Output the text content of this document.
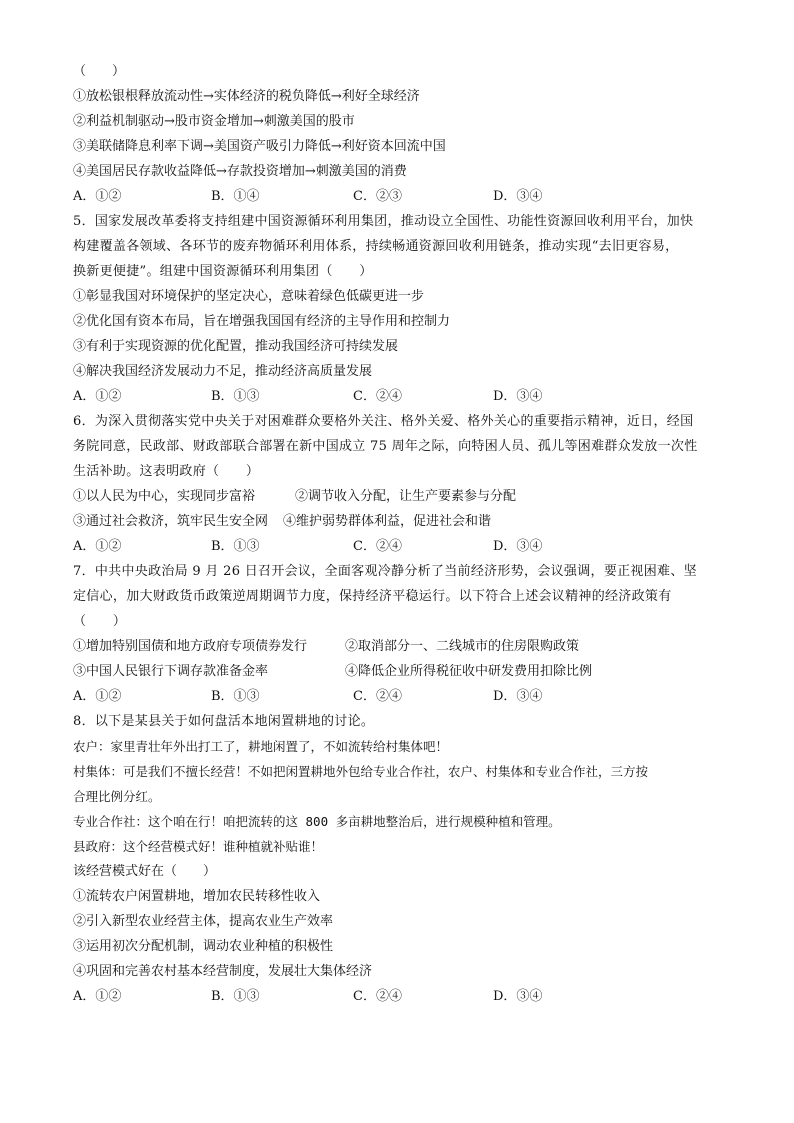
（　　）
①放松银根释放流动性→实体经济的税负降低→利好全球经济
②利益机制驱动→股市资金增加→刺激美国的股市
③美联储降息利率下调→美国资产吸引力降低→利好资本回流中国
④美国居民存款收益降低→存款投资增加→刺激美国的消费
A．①②	B．①④	C．②③	D．③④
5．国家发展改革委将支持组建中国资源循环利用集团，推动设立全国性、功能性资源回收利用平台，加快
构建覆盖各领域、各环节的废弃物循环利用体系，持续畅通资源回收利用链条，推动实现“去旧更容易，
换新更便捷”。组建中国资源循环利用集团（　　）
①彰显我国对环境保护的坚定决心，意味着绿色低碳更进一步
②优化国有资本布局，旨在增强我国国有经济的主导作用和控制力
③有利于实现资源的优化配置，推动我国经济可持续发展
④解决我国经济发展动力不足，推动经济高质量发展
A．①②	B．①③	C．②④	D．③④
6．为深入贯彻落实党中央关于对困难群众要格外关注、格外关爱、格外关心的重要指示精神，近日，经国
务院同意，民政部、财政部联合部署在新中国成立 75 周年之际，向特困人员、孤儿等困难群众发放一次性
生活补助。这表明政府（　　）
①以人民为中心，实现同步富裕	②调节收入分配，让生产要素参与分配
③通过社会救济，筑牢民生安全网 ④维护弱势群体利益，促进社会和谐
A．①②	B．①③	C．②④	D．③④
7．中共中央政治局 9 月 26 日召开会议，全面客观冷静分析了当前经济形势，会议强调，要正视困难、坚
定信心，加大财政货币政策逆周期调节力度，保持经济平稳运行。以下符合上述会议精神的经济政策有
（　　）
①增加特别国债和地方政府专项债券发行	②取消部分一、二线城市的住房限购政策
③中国人民银行下调存款准备金率	④降低企业所得税征收中研发费用扣除比例
A．①②	B．①③	C．②④	D．③④
8．以下是某县关于如何盘活本地闲置耕地的讨论。
农户：家里青壮年外出打工了，耕地闲置了，不如流转给村集体吧！
村集体：可是我们不擅长经营！不如把闲置耕地外包给专业合作社，农户、村集体和专业合作社，三方按
合理比例分红。
专业合作社：这个咱在行！咱把流转的这 800 多亩耕地整治后，进行规模种植和管理。
县政府：这个经营模式好！谁种植就补贴谁！
该经营模式好在（　　）
①流转农户闲置耕地，增加农民转移性收入
②引入新型农业经营主体，提高农业生产效率
③运用初次分配机制，调动农业种植的积极性
④巩固和完善农村基本经营制度，发展壮大集体经济
A．①②	B．①③	C．②④	D．③④
